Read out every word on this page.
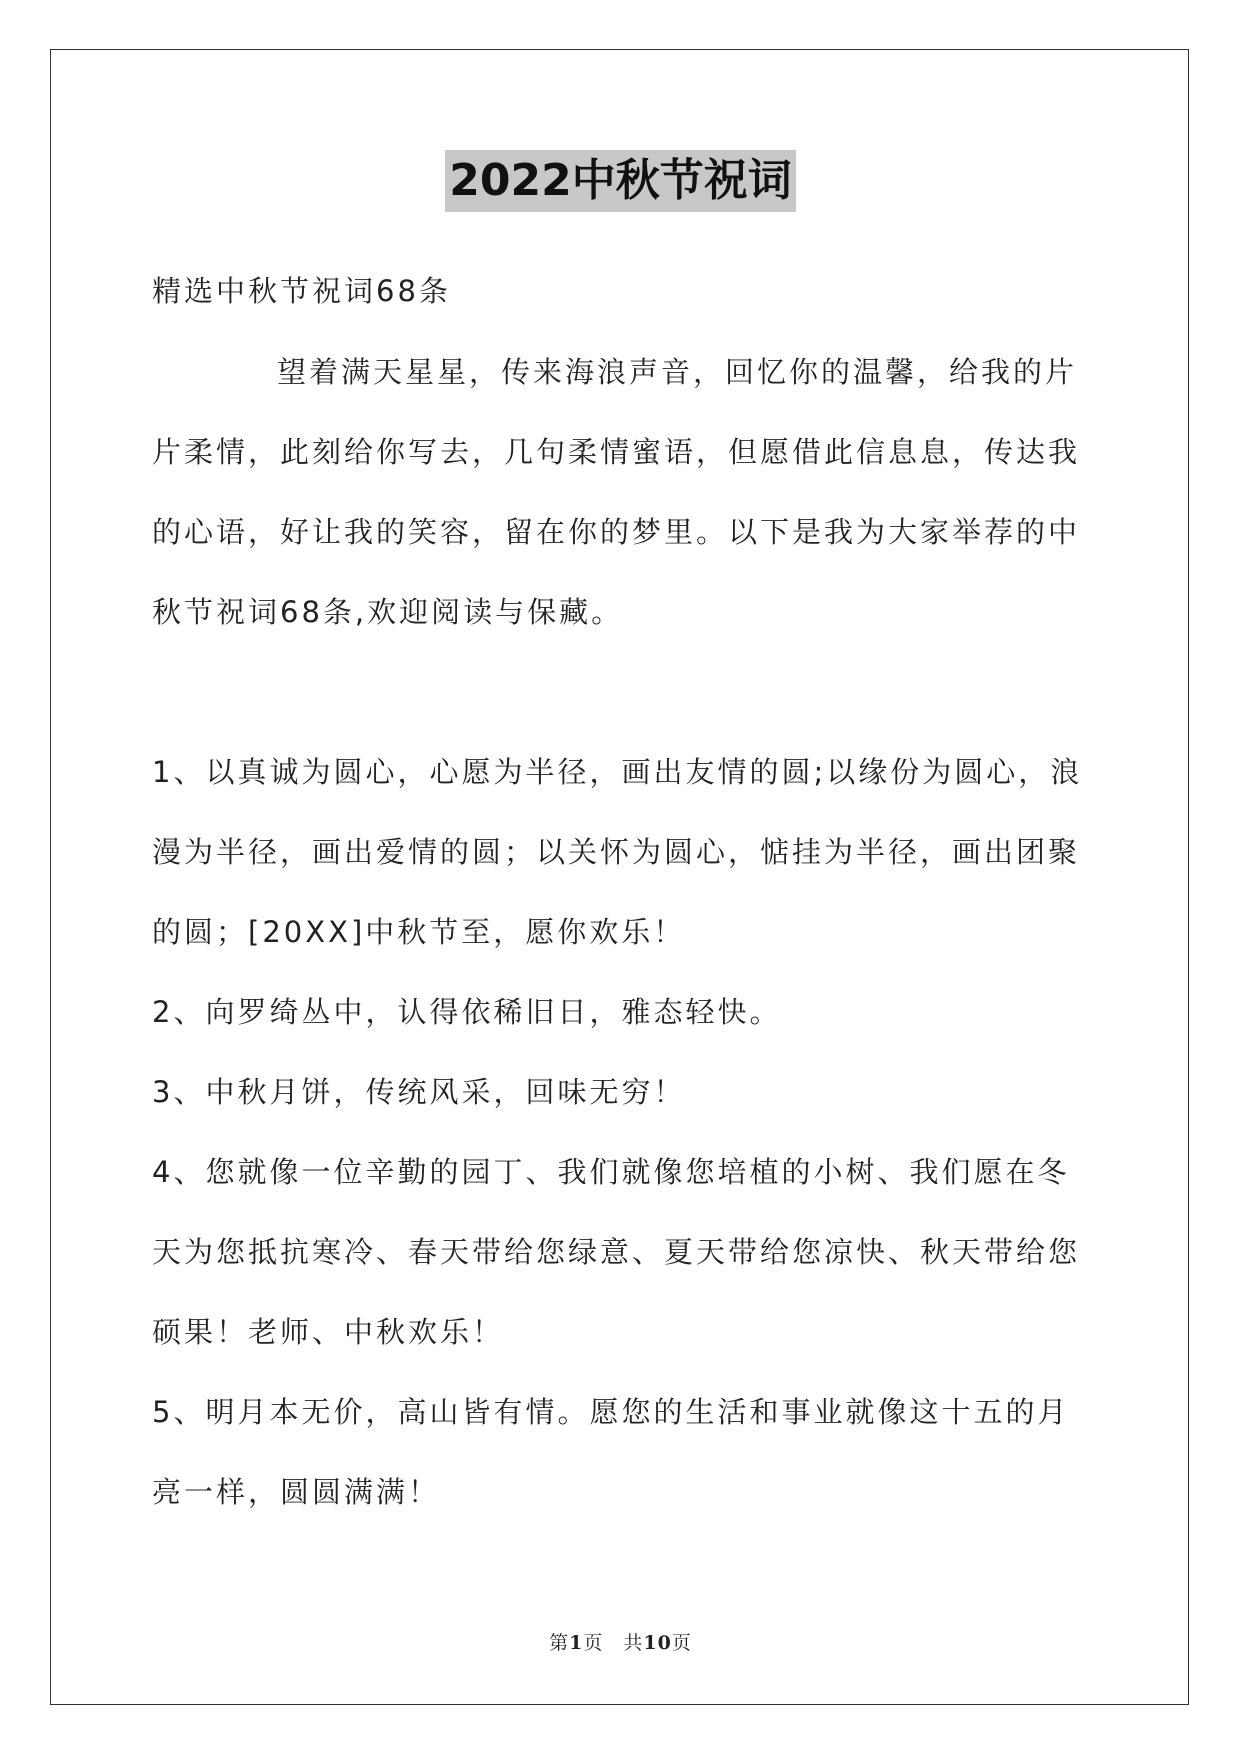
2022中秋节祝词

精选中秋节祝词68条

望着满天星星，传来海浪声音，回忆你的温馨，给我的片片柔情，此刻给你写去，几句柔情蜜语，但愿借此信息息，传达我的心语，好让我的笑容，留在你的梦里。以下是我为大家举荐的中秋节祝词68条,欢迎阅读与保藏。

1、以真诚为圆心，心愿为半径，画出友情的圆;以缘份为圆心，浪漫为半径，画出爱情的圆；以关怀为圆心，惦挂为半径，画出团聚的圆；[20XX]中秋节至，愿你欢乐！

2、向罗绮丛中，认得依稀旧日，雅态轻快。

3、中秋月饼，传统风采，回味无穷！

4、您就像一位辛勤的园丁、我们就像您培植的小树、我们愿在冬天为您抵抗寒冷、春天带给您绿意、夏天带给您凉快、秋天带给您硕果！老师、中秋欢乐！

5、明月本无价，高山皆有情。愿您的生活和事业就像这十五的月亮一样，圆圆满满！

第1页 共10页
